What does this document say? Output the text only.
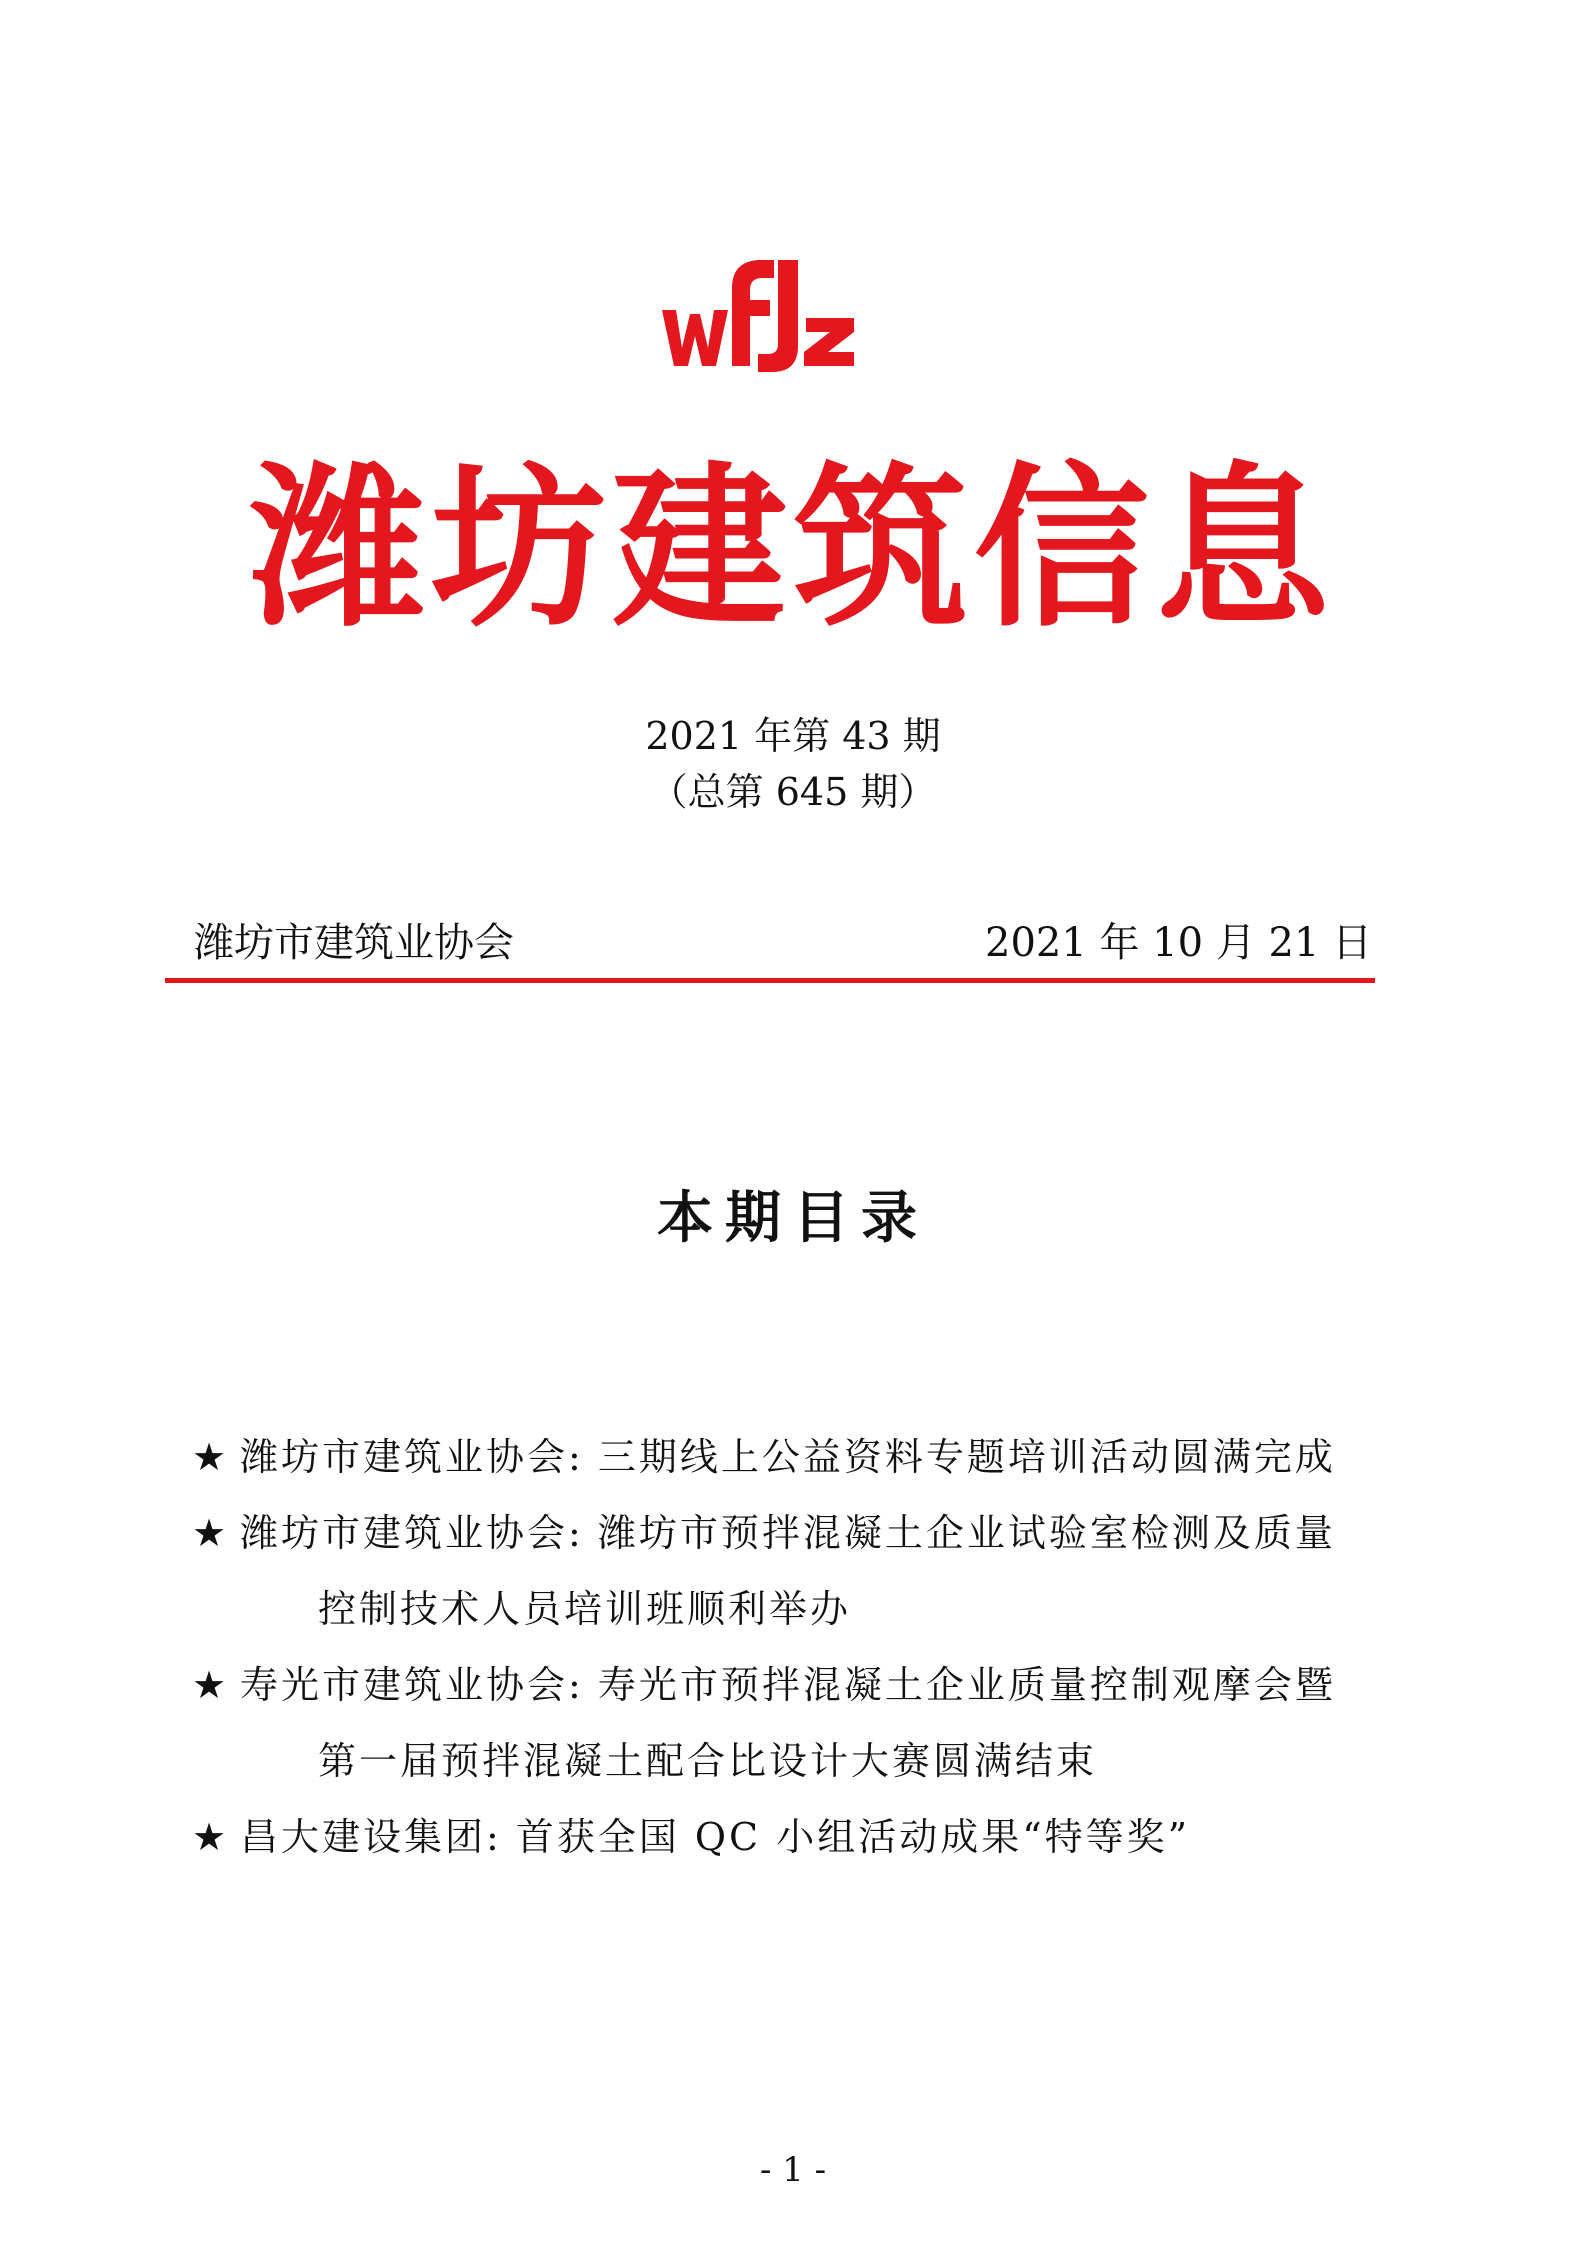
潍坊建筑信息
2021 年第 43 期
（总第 645 期）
潍坊市建筑业协会	2021 年 10 月 21 日
本期目录
★ 潍坊市建筑业协会: 三期线上公益资料专题培训活动圆满完成
★ 潍坊市建筑业协会: 潍坊市预拌混凝土企业试验室检测及质量
控制技术人员培训班顺利举办
★ 寿光市建筑业协会: 寿光市预拌混凝土企业质量控制观摩会暨
第一届预拌混凝土配合比设计大赛圆满结束
★ 昌大建设集团: 首获全国 QC 小组活动成果“特等奖”
- 1 -
